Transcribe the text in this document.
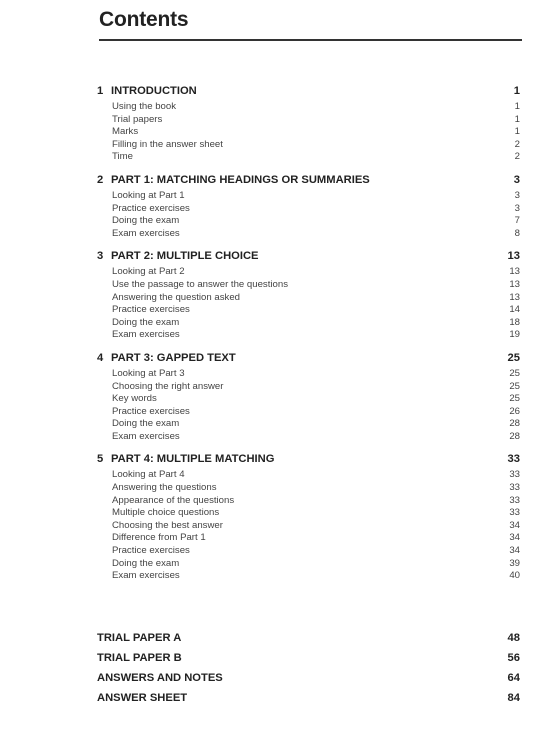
Contents
1 INTRODUCTION	1
Using the book	1
Trial papers	1
Marks	1
Filling in the answer sheet	2
Time	2
2 PART 1: MATCHING HEADINGS OR SUMMARIES	3
Looking at Part 1	3
Practice exercises	3
Doing the exam	7
Exam exercises	8
3 PART 2: MULTIPLE CHOICE	13
Looking at Part 2	13
Use the passage to answer the questions	13
Answering the question asked	13
Practice exercises	14
Doing the exam	18
Exam exercises	19
4 PART 3: GAPPED TEXT	25
Looking at Part 3	25
Choosing the right answer	25
Key words	25
Practice exercises	26
Doing the exam	28
Exam exercises	28
5 PART 4: MULTIPLE MATCHING	33
Looking at Part 4	33
Answering the questions	33
Appearance of the questions	33
Multiple choice questions	33
Choosing the best answer	34
Difference from Part 1	34
Practice exercises	34
Doing the exam	39
Exam exercises	40
TRIAL PAPER A	48
TRIAL PAPER B	56
ANSWERS AND NOTES	64
ANSWER SHEET	84
